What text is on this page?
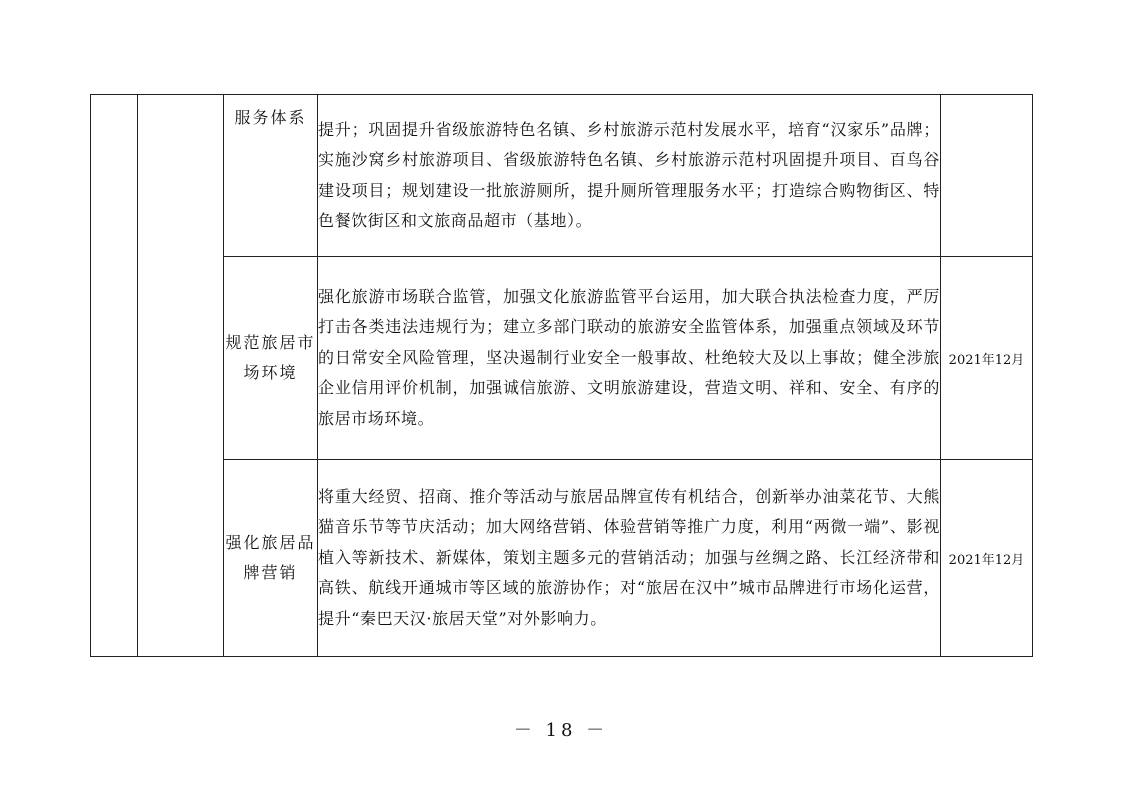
		服务体系	提升；巩固提升省级旅游特色名镇、乡村旅游示范村发展水平，培育“汉家乐”品牌；实施沙窝乡村旅游项目、省级旅游特色名镇、乡村旅游示范村巩固提升项目、百鸟谷建设项目；规划建设一批旅游厕所，提升厕所管理服务水平；打造综合购物街区、特色餐饮街区和文旅商品超市（基地）。	
		规范旅居市场环境	强化旅游市场联合监管，加强文化旅游监管平台运用，加大联合执法检查力度，严厉打击各类违法违规行为；建立多部门联动的旅游安全监管体系，加强重点领域及环节的日常安全风险管理，坚决遏制行业安全一般事故、杜绝较大及以上事故；健全涉旅企业信用评价机制，加强诚信旅游、文明旅游建设，营造文明、祥和、安全、有序的旅居市场环境。	2021年12月
		强化旅居品牌营销	将重大经贸、招商、推介等活动与旅居品牌宣传有机结合，创新举办油菜花节、大熊猫音乐节等节庆活动；加大网络营销、体验营销等推广力度，利用“两微一端”、影视植入等新技术、新媒体，策划主题多元的营销活动；加强与丝绸之路、长江经济带和高铁、航线开通城市等区域的旅游协作；对“旅居在汉中”城市品牌进行市场化运营，提升“秦巴天汉·旅居天堂”对外影响力。	2021年12月
－ 18 －
